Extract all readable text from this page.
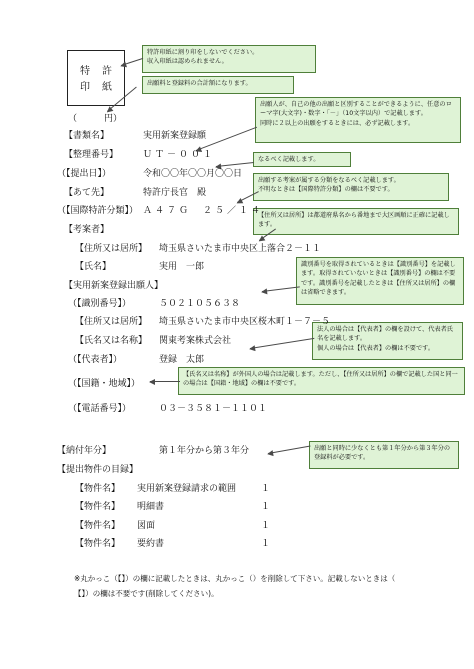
特　許
印　紙
（　　　円）
特許印紙に割り印をしないでください。
収入印紙は認められません。
出願料と登録料の合計額になります。
出願人が、自己の他の出願と区別することができるように、任意のローマ字(大文字)・数字・「－」（10文字以内）で記載します。
同時に２以上の出願をするときには、必ず記載します。
なるべく記載します。
出願する考案が属する分類をなるべく記載します。
不明なときは【国際特許分類】の欄は不要です。
【住所又は居所】は都道府県名から番地まで大区画順に正確に記載します。
識別番号を取得されているときは【識別番号】を記載します。取得されていないときは【識別番号】の欄は不要です。識別番号を記載したときは【住所又は居所】の欄は省略できます。
法人の場合は【代表者】の欄を設けて、代表者氏名を記載します。
個人の場合は【代表者】の欄は不要です。
【氏名又は名称】が外国人の場合は記載します。ただし、【住所又は居所】の欄で記載した国と同一の場合は【国籍・地域】の欄は不要です。
出願と同時に少なくとも第１年分から第３年分の登録料が必要です。
【書類名】	実用新案登録願
【整理番号】	ＵＴ－００１
（【提出日】）	令和〇〇年〇〇月〇〇日
【あて先】	特許庁長官　殿
（【国際特許分類】） Ａ４７Ｇ　２５／１４
【考案者】
【住所又は居所】 埼玉県さいたま市中央区上落合２－１１
【氏名】	実用　一郎
【実用新案登録出願人】
（【識別番号】）	５０２１０５６３８
【住所又は居所】 埼玉県さいたま市中央区桜木町１－７－５
【氏名又は名称】 関東考案株式会社
（【代表者】）	登録　太郎
（【国籍・地域】）
（【電話番号】）	０３－３５８１－１１０１
【納付年分】	第１年分から第３年分
【提出物件の目録】
【物件名】 実用新案登録請求の範囲	１
【物件名】 明細書	１
【物件名】 図面	１
【物件名】 要約書	１
※丸かっこ（【】）の欄に記載したときは、丸かっこ（）を削除して下さい。記載しないときは（
【】）の欄は不要です(削除してください)。
